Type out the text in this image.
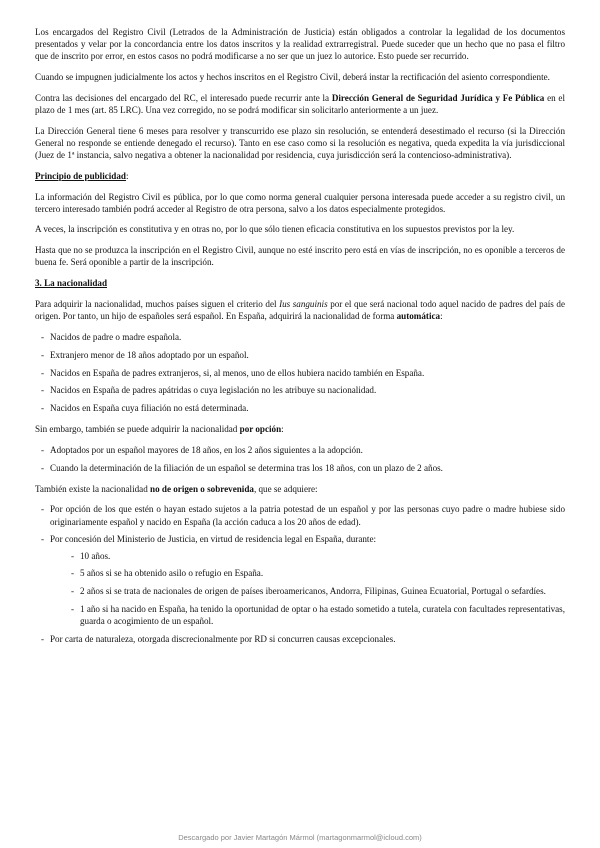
Los encargados del Registro Civil (Letrados de la Administración de Justicia) están obligados a controlar la legalidad de los documentos presentados y velar por la concordancia entre los datos inscritos y la realidad extrarregistral. Puede suceder que un hecho que no pasa el filtro que de inscrito por error, en estos casos no podrá modificarse a no ser que un juez lo autorice. Esto puede ser recurrido.

Cuando se impugnen judicialmente los actos y hechos inscritos en el Registro Civil, deberá instar la rectificación del asiento correspondiente.

Contra las decisiones del encargado del RC, el interesado puede recurrir ante la Dirección General de Seguridad Jurídica y Fe Pública en el plazo de 1 mes (art. 85 LRC). Una vez corregido, no se podrá modificar sin solicitarlo anteriormente a un juez.

La Dirección General tiene 6 meses para resolver y transcurrido ese plazo sin resolución, se entenderá desestimado el recurso (si la Dirección General no responde se entiende denegado el recurso). Tanto en ese caso como si la resolución es negativa, queda expedita la vía jurisdiccional (Juez de 1ª instancia, salvo negativa a obtener la nacionalidad por residencia, cuya jurisdicción será la contencioso-administrativa).

Principio de publicidad:

La información del Registro Civil es pública, por lo que como norma general cualquier persona interesada puede acceder a su registro civil, un tercero interesado también podrá acceder al Registro de otra persona, salvo a los datos especialmente protegidos.

A veces, la inscripción es constitutiva y en otras no, por lo que sólo tienen eficacia constitutiva en los supuestos previstos por la ley.

Hasta que no se produzca la inscripción en el Registro Civil, aunque no esté inscrito pero está en vías de inscripción, no es oponible a terceros de buena fe. Será oponible a partir de la inscripción.

3. La nacionalidad

Para adquirir la nacionalidad, muchos países siguen el criterio del Ius sanguinis por el que será nacional todo aquel nacido de padres del país de origen. Por tanto, un hijo de españoles será español. En España, adquirirá la nacionalidad de forma automática:

- Nacidos de padre o madre española.
- Extranjero menor de 18 años adoptado por un español.
- Nacidos en España de padres extranjeros, si, al menos, uno de ellos hubiera nacido también en España.
- Nacidos en España de padres apátridas o cuya legislación no les atribuye su nacionalidad.
- Nacidos en España cuya filiación no está determinada.

Sin embargo, también se puede adquirir la nacionalidad por opción:

- Adoptados por un español mayores de 18 años, en los 2 años siguientes a la adopción.
- Cuando la determinación de la filiación de un español se determina tras los 18 años, con un plazo de 2 años.

También existe la nacionalidad no de origen o sobrevenida, que se adquiere:

- Por opción de los que estén o hayan estado sujetos a la patria potestad de un español y por las personas cuyo padre o madre hubiese sido originariamente español y nacido en España (la acción caduca a los 20 años de edad).
- Por concesión del Ministerio de Justicia, en virtud de residencia legal en España, durante:
- 10 años.
- 5 años si se ha obtenido asilo o refugio en España.
- 2 años si se trata de nacionales de origen de países iberoamericanos, Andorra, Filipinas, Guinea Ecuatorial, Portugal o sefardíes.
- 1 año si ha nacido en España, ha tenido la oportunidad de optar o ha estado sometido a tutela, curatela con facultades representativas, guarda o acogimiento de un español.
- Por carta de naturaleza, otorgada discrecionalmente por RD si concurren causas excepcionales.
Descargado por Javier Martagón Mármol (martagonmarmol@icloud.com)
